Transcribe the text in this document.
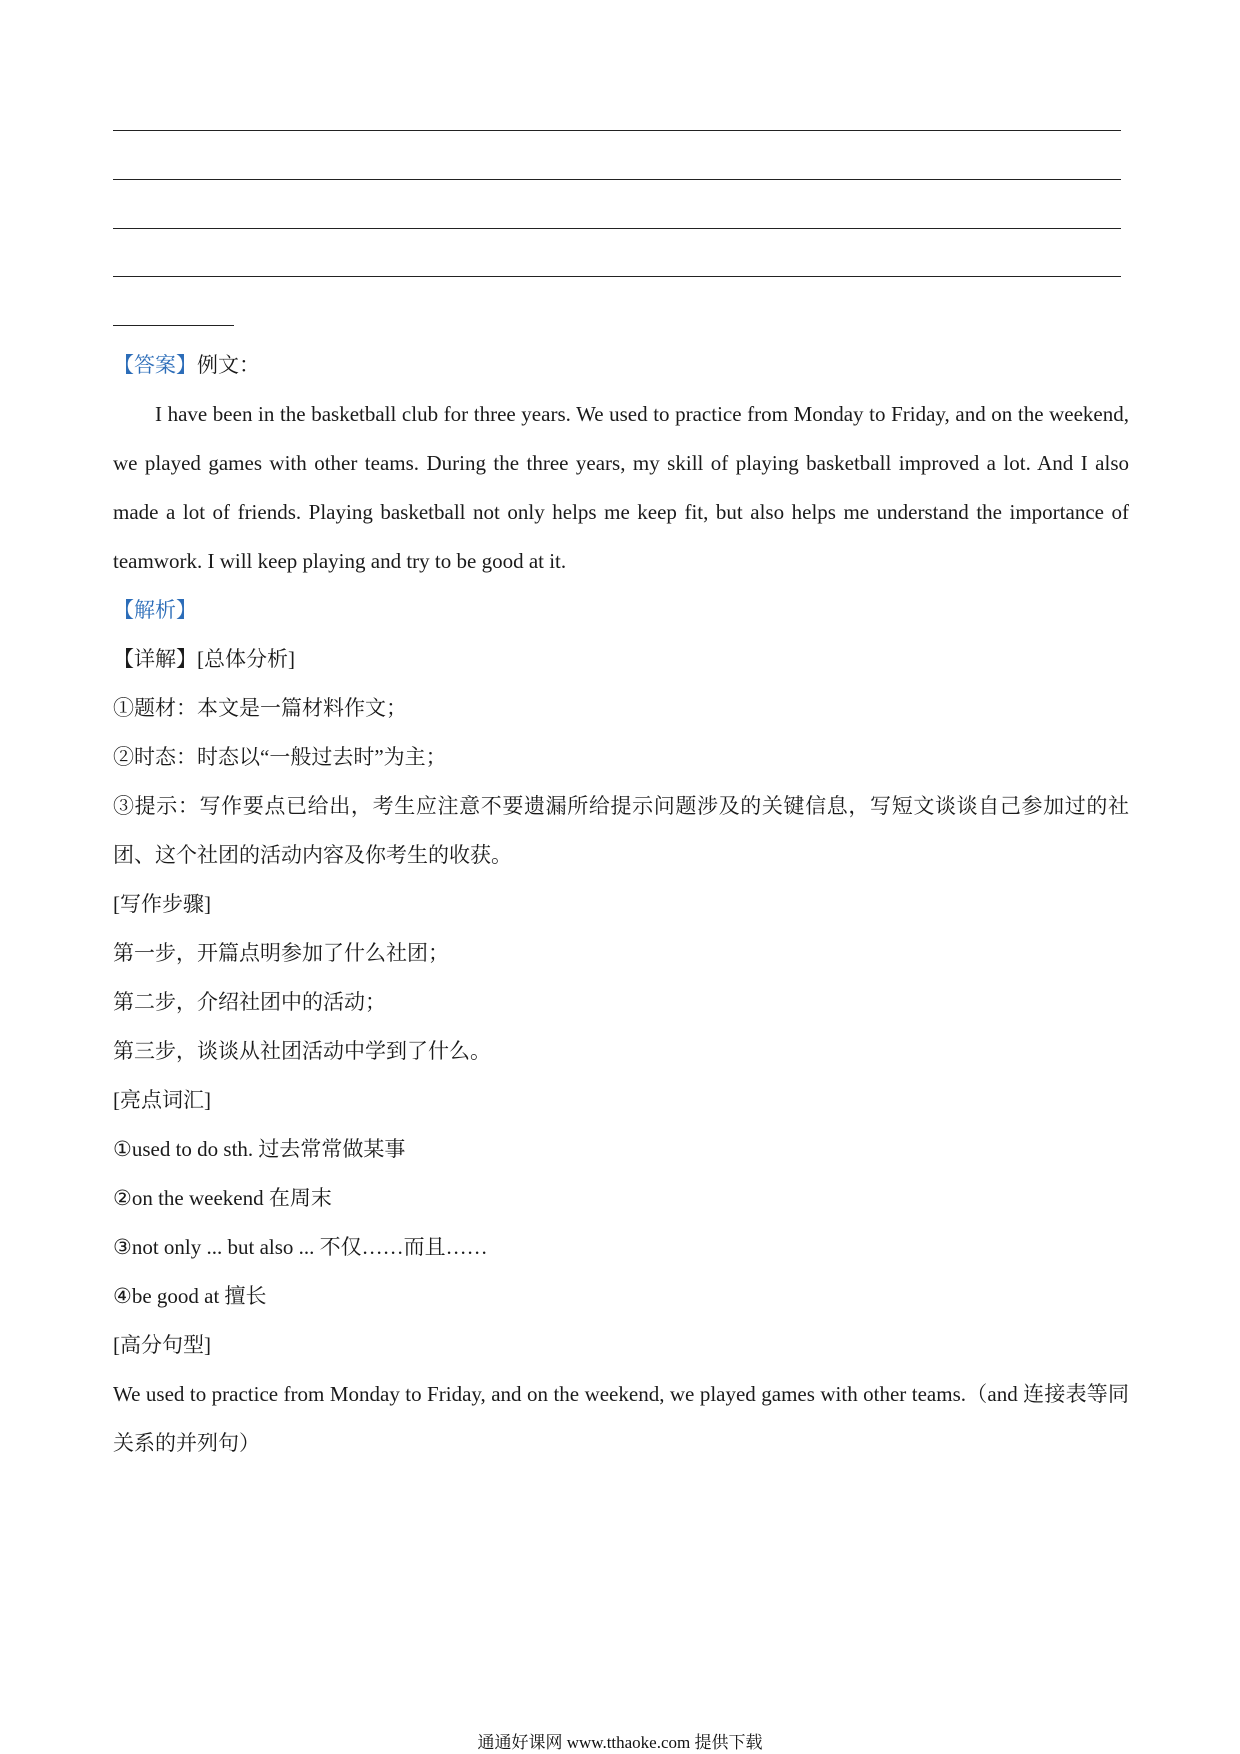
【答案】例文：
I have been in the basketball club for three years. We used to practice from Monday to Friday, and on the weekend, we played games with other teams. During the three years, my skill of playing basketball improved a lot. And I also made a lot of friends. Playing basketball not only helps me keep fit, but also helps me understand the importance of teamwork. I will keep playing and try to be good at it.
【解析】
【详解】[总体分析]
①题材：本文是一篇材料作文；
②时态：时态以“一般过去时”为主；
③提示：写作要点已给出，考生应注意不要遗漏所给提示问题涉及的关键信息，写短文谈谈自己参加过的社团、这个社团的活动内容及你考生的收获。
[写作步骤]
第一步，开篇点明参加了什么社团；
第二步，介绍社团中的活动；
第三步，谈谈从社团活动中学到了什么。
[亮点词汇]
①used to do sth. 过去常常做某事
②on the weekend 在周末
③not only ... but also ... 不仅……而且……
④be good at 擅长
[高分句型]
We used to practice from Monday to Friday, and on the weekend, we played games with other teams.（and 连接表等同关系的并列句）
通通好课网 www.tthaoke.com 提供下载
